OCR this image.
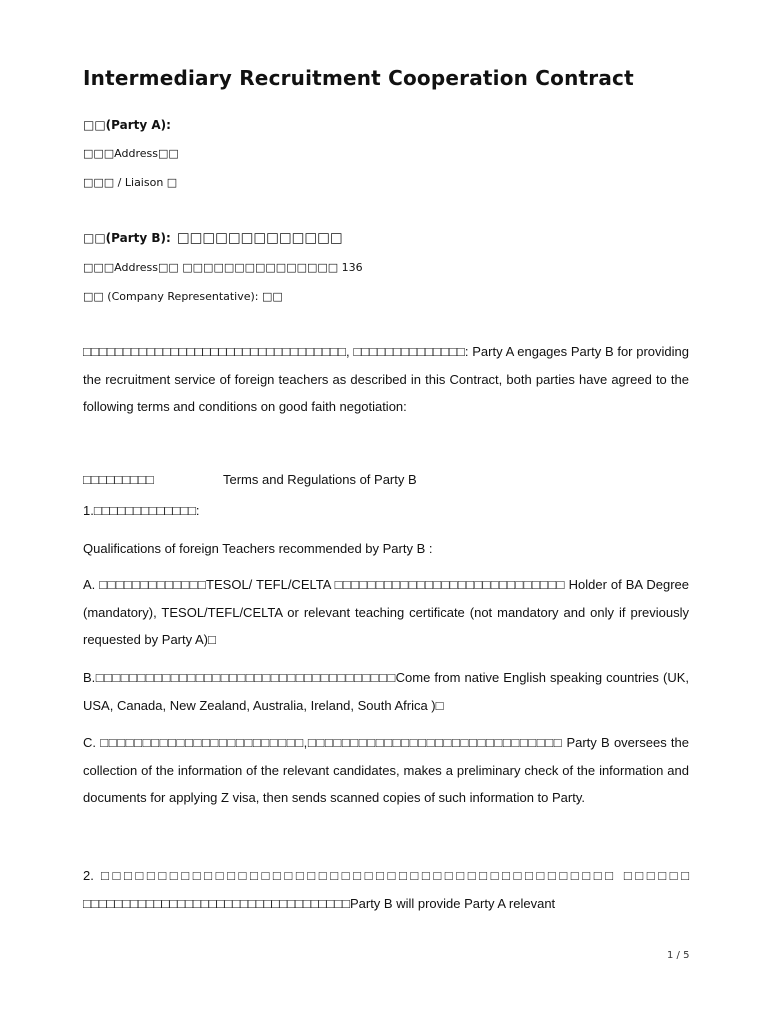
Intermediary Recruitment Cooperation Contract
□□(Party A):
□□□Address□□
□□□ / Liaison □
□□(Party B): □□□□□□□□□□□□□
□□□Address□□ □□□□□□□□□□□□□□□ 136
□□ (Company Representative): □□

□□□□□□□□□□□□□□□□□□□□□□□□□□□□□□□□□, □□□□□□□□□□□□□□: Party A engages Party B for providing the recruitment service of foreign teachers as described in this Contract, both parties have agreed to the following terms and conditions on good faith negotiation:

□□□□□□□□□	Terms and Regulations of Party B
1.□□□□□□□□□□□□□:
Qualifications of foreign Teachers recommended by Party B :

A. □□□□□□□□□□□□□TESOL/ TEFL/CELTA □□□□□□□□□□□□□□□□□□□□□□□□□□□□ Holder of BA Degree (mandatory), TESOL/TEFL/CELTA or relevant teaching certificate (not mandatory and only if previously requested by Party A)□

B.□□□□□□□□□□□□□□□□□□□□□□□□□□□□□□□□□□□□Come from native English speaking countries (UK, USA, Canada, New Zealand, Australia, Ireland, South Africa )□

C. □□□□□□□□□□□□□□□□□□□□□□□□,□□□□□□□□□□□□□□□□□□□□□□□□□□□□□□ Party B oversees the collection of the information of the relevant candidates, makes a preliminary check of the information and documents for applying Z visa, then sends scanned copies of such information to Party.

2. □□□□□□□□□□□□□□□□□□□□□□□□□□□□□□□□□□□□□□□□□□□□□ □□□□□□ □□□□□□□□□□□□□□□□□□□□□□□□□□□□□□□□□□Party B will provide Party A relevant

1 / 5
